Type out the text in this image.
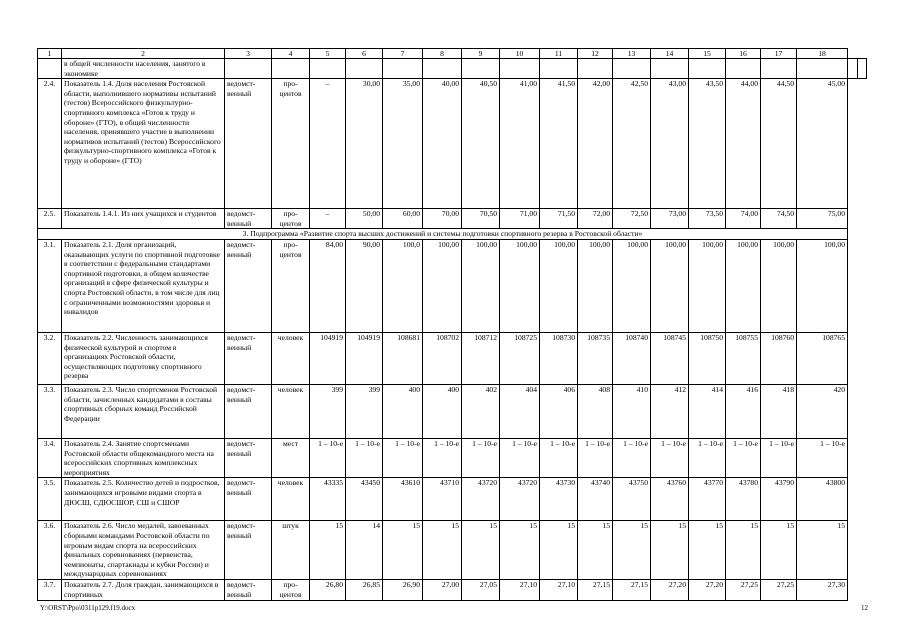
1	2	3	4	5	6	7	8	9	10	11	12	13	14	15	16	17	18		
	в общей численности населения, занятого в экономике																		
2.4.	Показатель 1.4. Доля населения Ростовской области, выполнившего нормативы испытаний (тестов) Всероссийского физкультурно-спортивного комплекса «Готов к труду и обороне» (ГТО), в общей численности населения, принявшего участие в выполнении нормативов испытаний (тестов) Всероссийского физкультурно-спортивного комплекса «Готов к труду и обороне» (ГТО)	ведомст-венный	про-центов	–	30,00	35,00	40,00	40,50	41,00	41,50	42,00	42,50	43,00	43,50	44,00	44,50	45,00		
2.5.	Показатель 1.4.1. Из них учащихся и студентов	ведомст-венный	про-центов	–	50,00	60,00	70,00	70,50	71,00	71,50	72,00	72,50	73,00	73,50	74,00	74,50	75,00		
3. Подпрограмма «Развитие спорта высших достижений и системы подготовки спортивного резерва в Ростовской области»																			
3.1.	Показатель 2.1. Доля организаций, оказывающих услуги по спортивной подготовке в соответствии с федеральными стандартами спортивной подготовки, в общем количестве организаций в сфере физической культуры и спорта Ростовской области, в том числе для лиц с ограниченными возможностями здоровья и инвалидов	ведомст-венный	про-центов	84,00	90,00	100,0	100,00	100,00	100,00	100,00	100,00	100,00	100,00	100,00	100,00	100,00	100,00		
3.2.	Показатель 2.2. Численность занимающихся физической культурой и спортом в организациях Ростовской области, осуществляющих подготовку спортивного резерва	ведомст-венный	человек	104919	104919	108681	108702	108712	108725	108730	108735	108740	108745	108750	108755	108760	108765		
3.3.	Показатель 2.3. Число спортсменов Ростовской области, зачисленных кандидатами в составы спортивных сборных команд Российской Федерации	ведомст-венный	человек	399	399	400	400	402	404	406	408	410	412	414	416	418	420		
3.4.	Показатель 2.4. Занятие спортсменами Ростовской области общекомандного места на всероссийских спортивных комплексных мероприятиях	ведомст-венный	мест	1 – 10-е	1 – 10-е	1 – 10-е	1 – 10-е	1 – 10-е	1 – 10-е	1 – 10-е	1 – 10-е	1 – 10-е	1 – 10-е	1 – 10-е	1 – 10-е	1 – 10-е	1 – 10-е		
3.5.	Показатель 2.5. Количество детей и подростков, занимающихся игровыми видами спорта в ДЮСШ, СДЮСШОР, СШ и СШОР	ведомст-венный	человек	43335	43450	43610	43710	43720	43720	43730	43740	43750	43760	43770	43780	43790	43800		
3.6.	Показатель 2.6. Число медалей, завоеванных сборными командами Ростовской области по игровым видам спорта на всероссийских финальных соревнованиях (первенства, чемпионаты, спартакиады и кубки России) и международных соревнованиях	ведомст-венный	штук	15	14	15	15	15	15	15	15	15	15	15	15	15	15		
3.7.	Показатель 2.7. Доля граждан, занимающихся в спортивных	ведомст-венный	про-центов	26,80	26,85	26,90	27,00	27,05	27,10	27,10	27,15	27,15	27,20	27,20	27,25	27,25	27,30		
Y:\ORST\Ppo\0311p129.f19.docx	12
